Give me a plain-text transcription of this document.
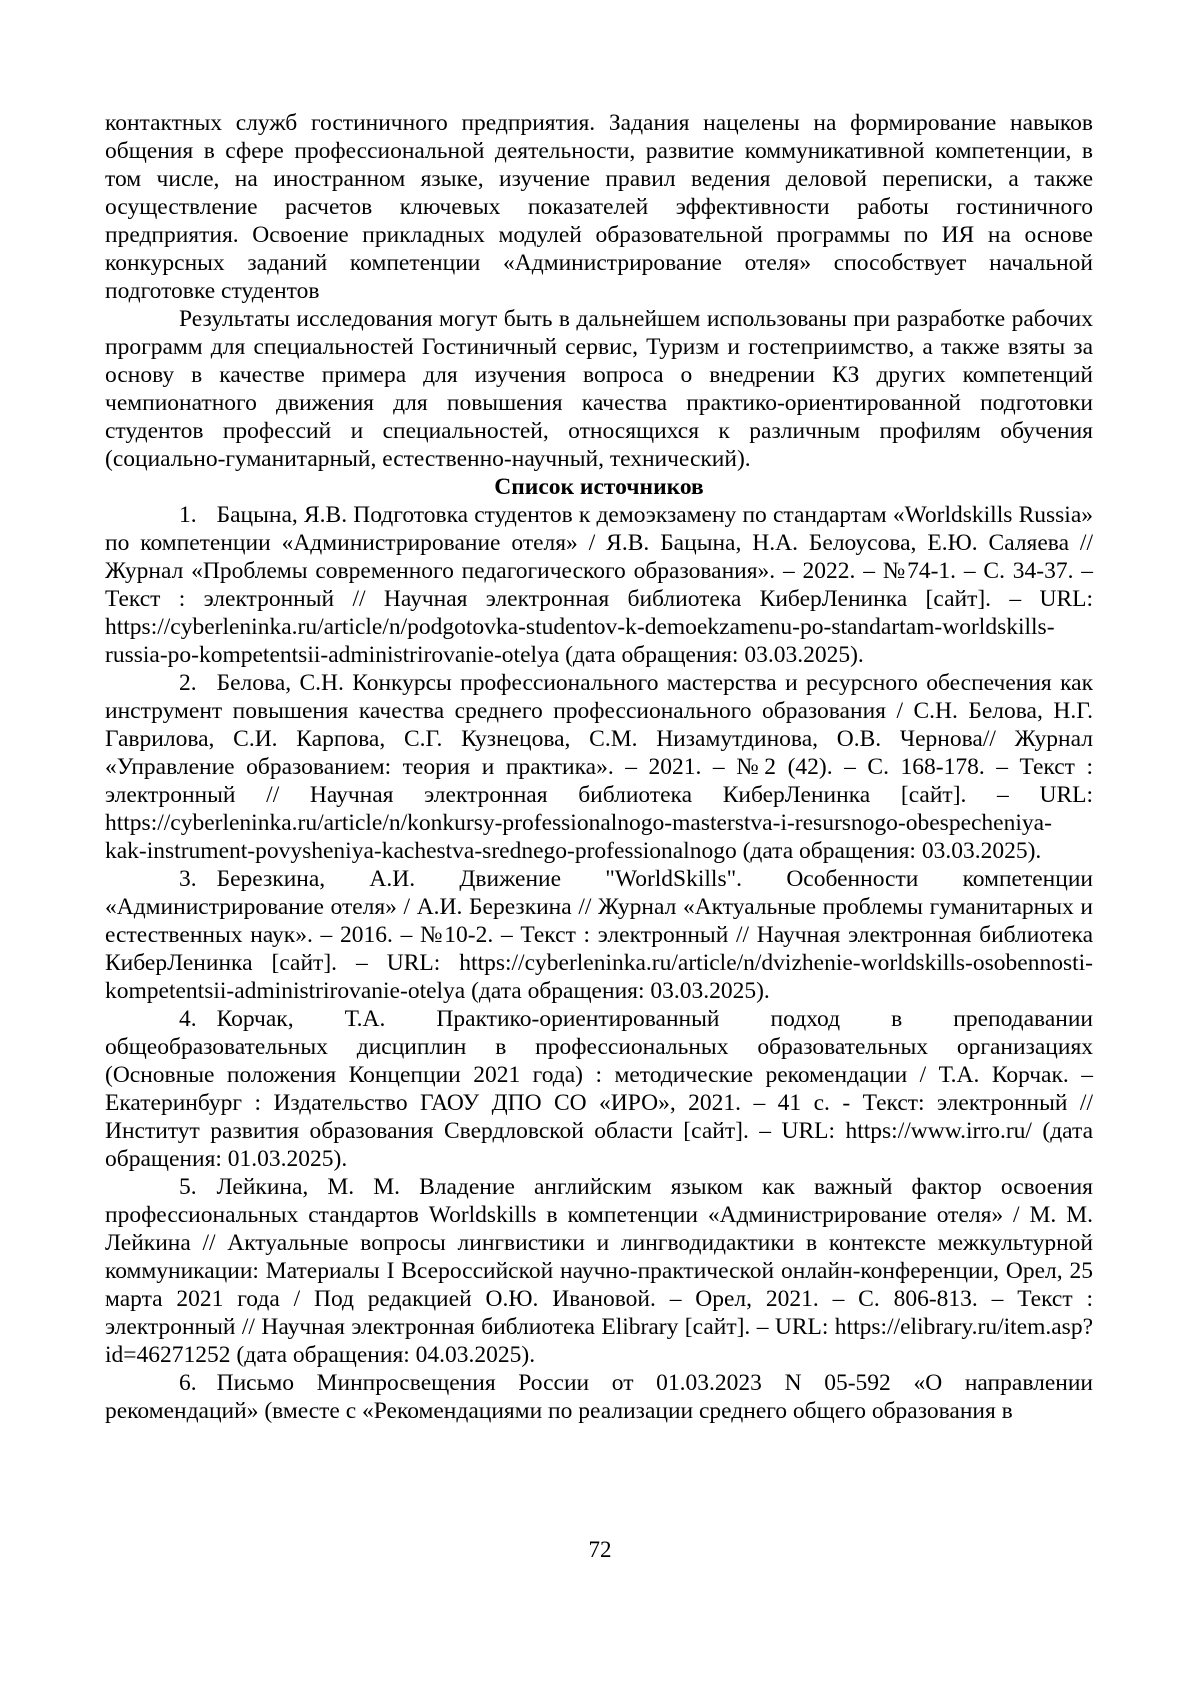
контактных служб гостиничного предприятия. Задания нацелены на формирование навыков общения в сфере профессиональной деятельности, развитие коммуникативной компетенции, в том числе, на иностранном языке, изучение правил ведения деловой переписки, а также осуществление расчетов ключевых показателей эффективности работы гостиничного предприятия. Освоение прикладных модулей образовательной программы по ИЯ на основе конкурсных заданий компетенции «Администрирование отеля» способствует начальной подготовке студентов

Результаты исследования могут быть в дальнейшем использованы при разработке рабочих программ для специальностей Гостиничный сервис, Туризм и гостеприимство, а также взяты за основу в качестве примера для изучения вопроса о внедрении КЗ других компетенций чемпионатного движения для повышения качества практико-ориентированной подготовки студентов профессий и специальностей, относящихся к различным профилям обучения (социально-гуманитарный, естественно-научный, технический).

Список источников

1. Бацына, Я.В. Подготовка студентов к демоэкзамену по стандартам «Worldskills Russia» по компетенции «Администрирование отеля» / Я.В. Бацына, Н.А. Белоусова, Е.Ю. Саляева // Журнал «Проблемы современного педагогического образования». – 2022. – №74-1. – С. 34-37. – Текст : электронный // Научная электронная библиотека КиберЛенинка [сайт]. – URL: https://cyberleninka.ru/article/n/podgotovka-studentov-k-demoekzamenu-po-standartam-worldskills-russia-po-kompetentsii-administrirovanie-otelya (дата обращения: 03.03.2025).

2. Белова, С.Н. Конкурсы профессионального мастерства и ресурсного обеспечения как инструмент повышения качества среднего профессионального образования / С.Н. Белова, Н.Г. Гаврилова, С.И. Карпова, С.Г. Кузнецова, С.М. Низамутдинова, О.В. Чернова// Журнал «Управление образованием: теория и практика». – 2021. – №2 (42). – С. 168-178. – Текст : электронный // Научная электронная библиотека КиберЛенинка [сайт]. – URL: https://cyberleninka.ru/article/n/konkursy-professionalnogo-masterstva-i-resursnogo-obespecheniya-kak-instrument-povysheniya-kachestva-srednego-professionalnogo (дата обращения: 03.03.2025).

3. Березкина, А.И. Движение "WorldSkills". Особенности компетенции «Администрирование отеля» / А.И. Березкина // Журнал «Актуальные проблемы гуманитарных и естественных наук». – 2016. – №10-2. – Текст : электронный // Научная электронная библиотека КиберЛенинка [сайт]. – URL: https://cyberleninka.ru/article/n/dvizhenie-worldskills-osobennosti-kompetentsii-administrirovanie-otelya (дата обращения: 03.03.2025).

4. Корчак, Т.А. Практико-ориентированный подход в преподавании общеобразовательных дисциплин в профессиональных образовательных организациях (Основные положения Концепции 2021 года) : методические рекомендации / Т.А. Корчак. – Екатеринбург : Издательство ГАОУ ДПО СО «ИРО», 2021. – 41 с. - Текст: электронный // Институт развития образования Свердловской области [сайт]. – URL: https://www.irro.ru/ (дата обращения: 01.03.2025).

5. Лейкина, М. М. Владение английским языком как важный фактор освоения профессиональных стандартов Worldskills в компетенции «Администрирование отеля» / М. М. Лейкина // Актуальные вопросы лингвистики и лингводидактики в контексте межкультурной коммуникации: Материалы I Всероссийской научно-практической онлайн-конференции, Орел, 25 марта 2021 года / Под редакцией О.Ю. Ивановой. – Орел, 2021. – С. 806-813. – Текст : электронный // Научная электронная библиотека Elibrary [сайт]. – URL: https://elibrary.ru/item.asp?id=46271252 (дата обращения: 04.03.2025).

6. Письмо Минпросвещения России от 01.03.2023 N 05-592 «О направлении рекомендаций» (вместе с «Рекомендациями по реализации среднего общего образования в

72
